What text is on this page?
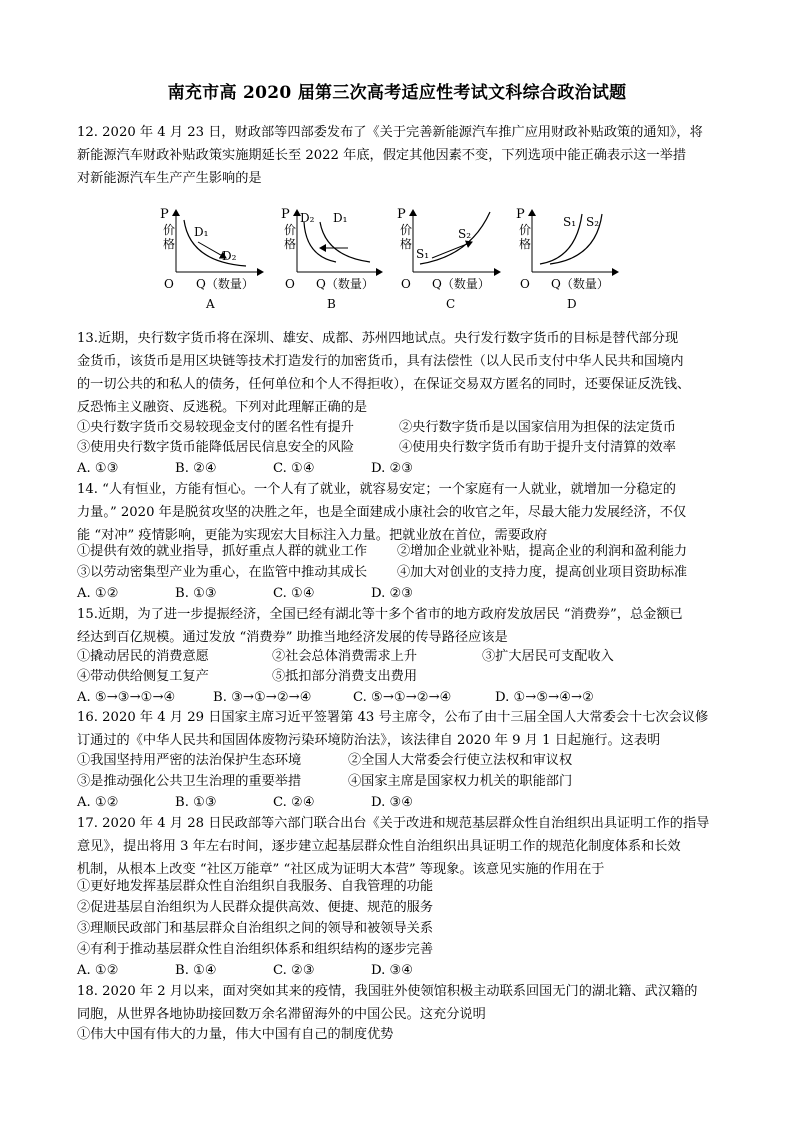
南充市高 2020 届第三次高考适应性考试文科综合政治试题
12. 2020 年 4 月 23 日，财政部等四部委发布了《关于完善新能源汽车推广应用财政补贴政策的通知》，将
新能源汽车财政补贴政策实施期延长至 2022 年底，假定其他因素不变，下列选项中能正确表示这一举措
对新能源汽车生产产生影响的是
P
价
格
D₁
D₂
O Q（数量）
A
P
价
格
D₂ D₁
O Q（数量）
B
P
价
格
S₁
S₂
O Q（数量）
C
P
价
格
S₁ S₂
O Q（数量）
D
13.近期，央行数字货币将在深圳、雄安、成都、苏州四地试点。央行发行数字货币的目标是替代部分现
金货币，该货币是用区块链等技术打造发行的加密货币，具有法偿性（以人民币支付中华人民共和国境内
的一切公共的和私人的债务，任何单位和个人不得拒收），在保证交易双方匿名的同时，还要保证反洗钱、
反恐怖主义融资、反逃税。下列对此理解正确的是
①央行数字货币交易较现金支付的匿名性有提升	②央行数字货币是以国家信用为担保的法定货币
③使用央行数字货币能降低居民信息安全的风险	④使用央行数字货币有助于提升支付清算的效率
A. ①③	B. ②④	C. ①④	D. ②③
14. “人有恒业，方能有恒心。一个人有了就业，就容易安定；一个家庭有一人就业，就增加一分稳定的
力量。” 2020 年是脱贫攻坚的决胜之年，也是全面建成小康社会的收官之年，尽最大能力发展经济，不仅
能 “对冲” 疫情影响，更能为实现宏大目标注入力量。把就业放在首位，需要政府
①提供有效的就业指导，抓好重点人群的就业工作 ②增加企业就业补贴，提高企业的利润和盈利能力
③以劳动密集型产业为重心，在监管中推动其成长 ④加大对创业的支持力度，提高创业项目资助标准
A. ①②	B. ①③	C. ①④	D. ②③
15.近期，为了进一步提振经济，全国已经有湖北等十多个省市的地方政府发放居民 “消费券”，总金额已
经达到百亿规模。通过发放 “消费券” 助推当地经济发展的传导路径应该是
①撬动居民的消费意愿	②社会总体消费需求上升	③扩大居民可支配收入
④带动供给侧复工复产	⑤抵扣部分消费支出费用
A. ⑤→③→①→④	B. ③→①→②→④	C. ⑤→①→②→④	D. ①→⑤→④→②
16. 2020 年 4 月 29 日国家主席习近平签署第 43 号主席令，公布了由十三届全国人大常委会十七次会议修
订通过的《中华人民共和国固体废物污染环境防治法》，该法律自 2020 年 9 月 1 日起施行。这表明
①我国坚持用严密的法治保护生态环境	②全国人大常委会行使立法权和审议权
③是推动强化公共卫生治理的重要举措	④国家主席是国家权力机关的职能部门
A. ①②	B. ①③	C. ②④	D. ③④
17. 2020 年 4 月 28 日民政部等六部门联合出台《关于改进和规范基层群众性自治组织出具证明工作的指导
意见》，提出将用 3 年左右时间，逐步建立起基层群众性自治组织出具证明工作的规范化制度体系和长效
机制，从根本上改变 “社区万能章” “社区成为证明大本营” 等现象。该意见实施的作用在于
①更好地发挥基层群众性自治组织自我服务、自我管理的功能
②促进基层自治组织为人民群众提供高效、便捷、规范的服务
③理顺民政部门和基层群众自治组织之间的领导和被领导关系
④有利于推动基层群众性自治组织体系和组织结构的逐步完善
A. ①②	B. ①④	C. ②③	D. ③④
18. 2020 年 2 月以来，面对突如其来的疫情，我国驻外使领馆积极主动联系回国无门的湖北籍、武汉籍的
同胞，从世界各地协助接回数万余名滞留海外的中国公民。这充分说明
①伟大中国有伟大的力量，伟大中国有自己的制度优势
